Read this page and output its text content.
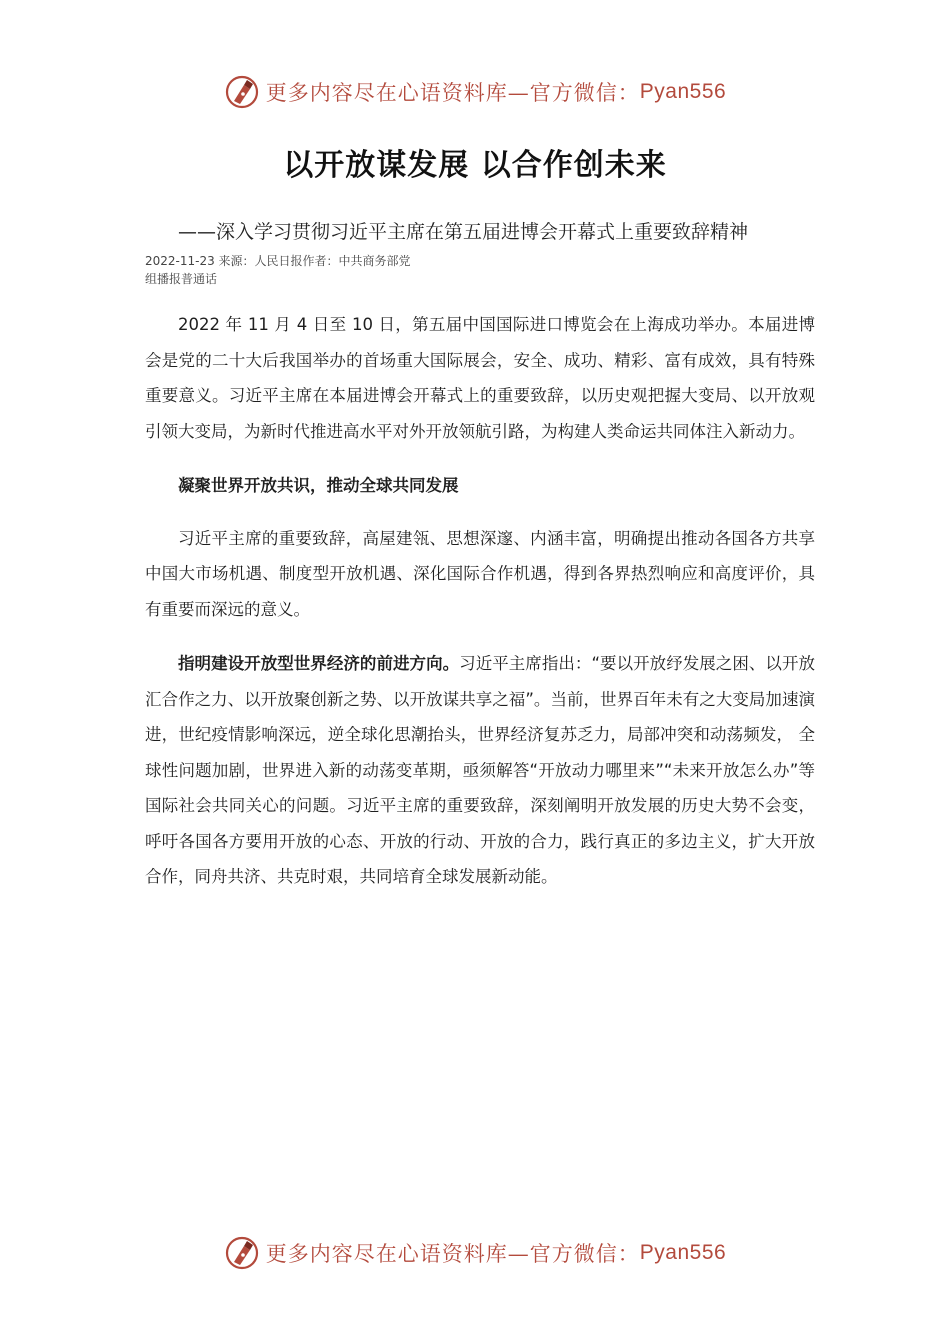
更多内容尽在心语资料库—官方微信： Pyan556
以开放谋发展 以合作创未来
——深入学习贯彻习近平主席在第五届进博会开幕式上重要致辞精神
2022-11-23 来源：人民日报作者：中共商务部党
组播报普通话

2022 年 11 月 4 日至 10 日，第五届中国国际进口博览会在上海成功举办。本届进博会是党的二十大后我国举办的首场重大国际展会，安全、成功、精彩、富有成效，具有特殊重要意义。习近平主席在本届进博会开幕式上的重要致辞，以历史观把握大变局、以开放观引领大变局，为新时代推进高水平对外开放领航引路，为构建人类命运共同体注入新动力。

凝聚世界开放共识，推动全球共同发展

习近平主席的重要致辞，高屋建瓴、思想深邃、内涵丰富，明确提出推动各国各方共享中国大市场机遇、制度型开放机遇、深化国际合作机遇，得到各界热烈响应和高度评价，具有重要而深远的意义。

指明建设开放型世界经济的前进方向。习近平主席指出：“要以开放纾发展之困、以开放汇合作之力、以开放聚创新之势、以开放谋共享之福”。当前，世界百年未有之大变局加速演进，世纪疫情影响深远，逆全球化思潮抬头，世界经济复苏乏力，局部冲突和动荡频发， 全球性问题加剧，世界进入新的动荡变革期，亟须解答“开放动力哪里来”“未来开放怎么办”等国际社会共同关心的问题。习近平主席的重要致辞，深刻阐明开放发展的历史大势不会变，呼吁各国各方要用开放的心态、开放的行动、开放的合力，践行真正的多边主义，扩大开放合作，同舟共济、共克时艰，共同培育全球发展新动能。

更多内容尽在心语资料库—官方微信： Pyan556
